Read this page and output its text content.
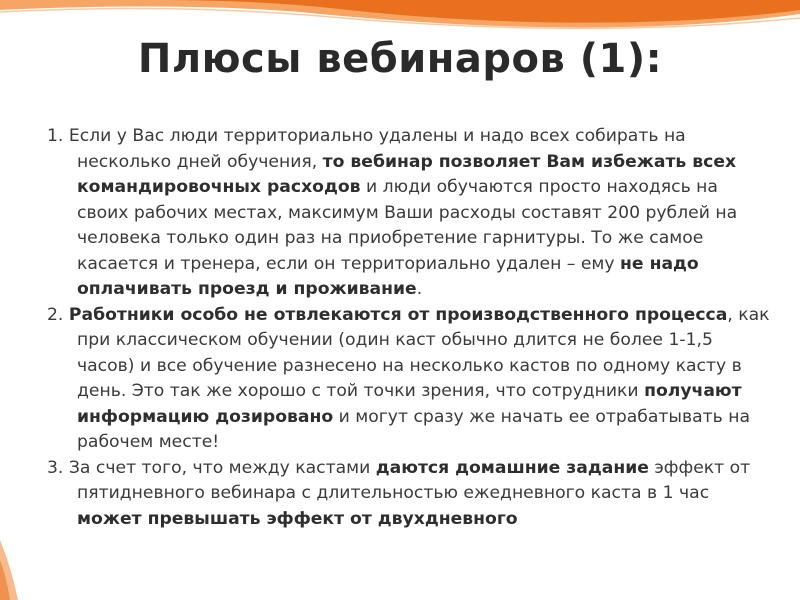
Плюсы вебинаров (1):
1. Если у Вас люди территориально удалены и надо всех собирать на несколько дней обучения, то вебинар позволяет Вам избежать всех командировочных расходов и люди обучаются просто находясь на своих рабочих местах, максимум Ваши расходы составят 200 рублей на человека только один раз на приобретение гарнитуры. То же самое касается и тренера, если он территориально удален – ему не надо оплачивать проезд и проживание.
2. Работники особо не отвлекаются от производственного процесса, как при классическом обучении (один каст обычно длится не более 1-1,5 часов) и все обучение разнесено на несколько кастов по одному касту в день. Это так же хорошо с той точки зрения, что сотрудники получают информацию дозировано и могут сразу же начать ее отрабатывать на рабочем месте!
3. За счет того, что между кастами даются домашние задание эффект от пятидневного вебинара с длительностью ежедневного каста в 1 час может превышать эффект от двухдневного
